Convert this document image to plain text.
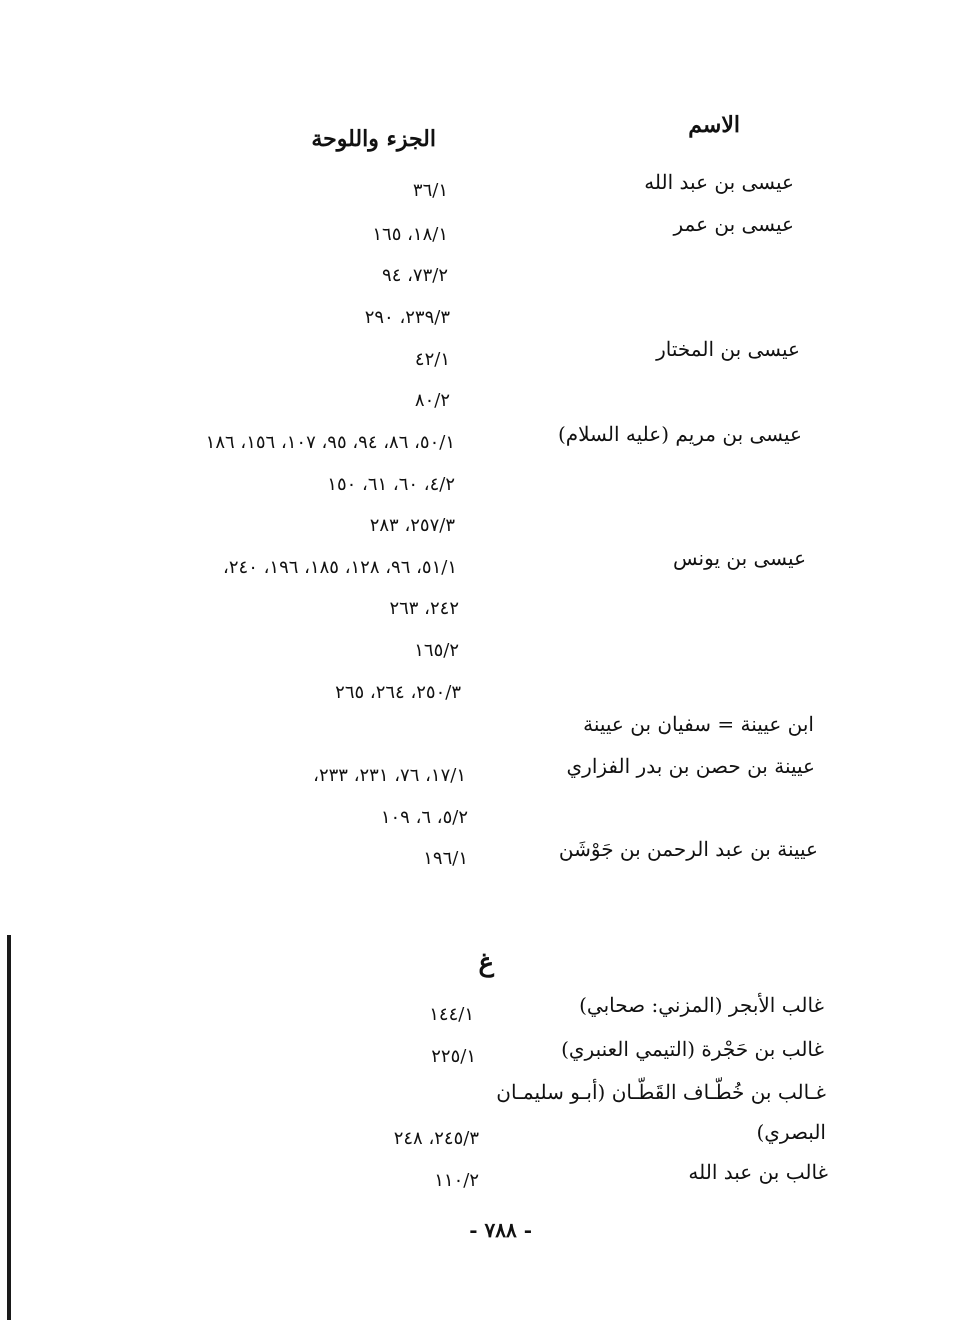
الاسم
الجزء واللوحة
عيسى بن عبد الله
عيسى بن عمر
عيسى بن المختار
عيسى بن مريم (عليه السلام)
عيسى بن يونس
ابن عيينة = سفيان بن عيينة
عيينة بن حصن بن بدر الفزاري
عيينة بن عبد الرحمن بن جَوْشَن
غالب الأبجر (المزني: صحابي)
غالب بن حَجْرة (التيمي العنبري)
غـالب بن خُطّـاف القَطّـان (أبـو سليمـان
البصري)
غالب بن عبد الله
٣٦/١
١٨/١، ١٦٥
٧٣/٢، ٩٤
٢٣٩/٣، ٢٩٠
٤٢/١
٨٠/٢
٥٠/١، ٨٦، ٩٤، ٩٥، ١٠٧، ١٥٦، ١٨٦
٤/٢، ٦٠، ٦١، ١٥٠
٢٥٧/٣، ٢٨٣
٥١/١، ٩٦، ١٢٨، ١٨٥، ١٩٦، ٢٤٠،
٢٤٢، ٢٦٣
١٦٥/٢
٢٥٠/٣، ٢٦٤، ٢٦٥
١٧/١، ٧٦، ٢٣١، ٢٣٣،
٥/٢، ٦، ١٠٩
١٩٦/١
١٤٤/١
٢٢٥/١
٢٤٥/٣، ٢٤٨
١١٠/٢
غ
- ٧٨٨ -
